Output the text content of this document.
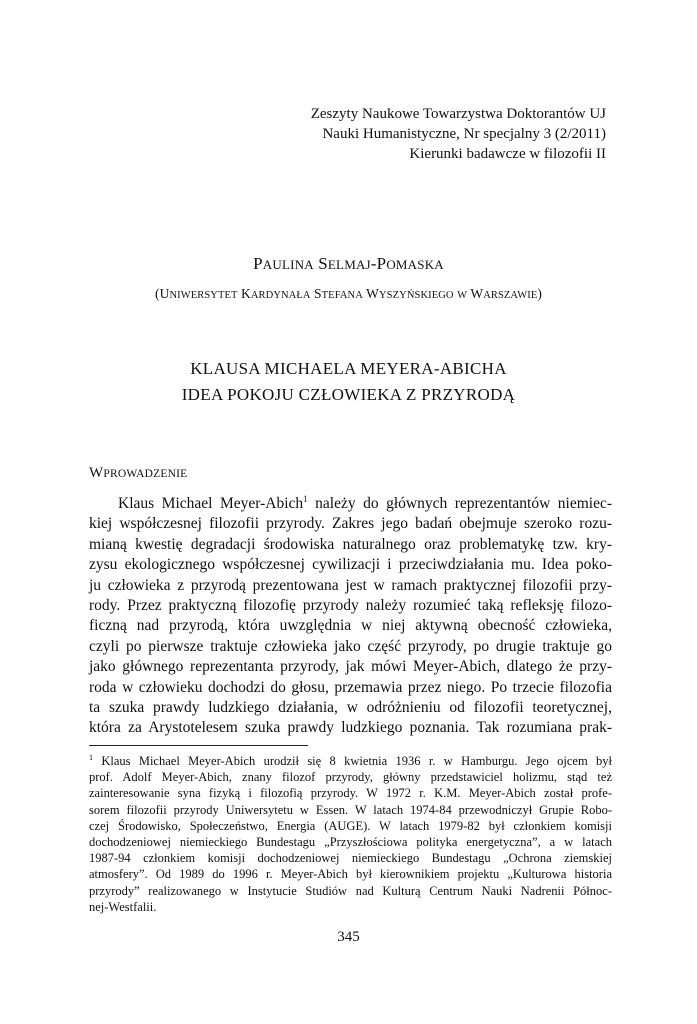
Zeszyty Naukowe Towarzystwa Doktorantów UJ
Nauki Humanistyczne, Nr specjalny 3 (2/2011)
Kierunki badawcze w filozofii II
PAULINA SELMAJ-POMASKA
(UNIWERSYTET KARDYNAŁA STEFANA WYSZYŃSKIEGO W WARSZAWIE)
KLAUSA MICHAELA MEYERA-ABICHA
IDEA POKOJU CZŁOWIEKA Z PRZYRODĄ
WPROWADZENIE
Klaus Michael Meyer-Abich$^1$ należy do głównych reprezentantów niemiec-
kiej współczesnej filozofii przyrody. Zakres jego badań obejmuje szeroko rozu-
mianą kwestię degradacji środowiska naturalnego oraz problematykę tzw. kry-
zysu ekologicznego współczesnej cywilizacji i przeciwdziałania mu. Idea poko-
ju człowieka z przyrodą prezentowana jest w ramach praktycznej filozofii przy-
rody. Przez praktyczną filozofię przyrody należy rozumieć taką refleksję filozo-
ficzną nad przyrodą, która uwzględnia w niej aktywną obecność człowieka,
czyli po pierwsze traktuje człowieka jako część przyrody, po drugie traktuje go
jako głównego reprezentanta przyrody, jak mówi Meyer-Abich, dlatego że przy-
roda w człowieku dochodzi do głosu, przemawia przez niego. Po trzecie filozofia
ta szuka prawdy ludzkiego działania, w odróżnieniu od filozofii teoretycznej,
która za Arystotelesem szuka prawdy ludzkiego poznania. Tak rozumiana prak-
$^1$ Klaus Michael Meyer-Abich urodził się 8 kwietnia 1936 r. w Hamburgu. Jego ojcem był
prof. Adolf Meyer-Abich, znany filozof przyrody, główny przedstawiciel holizmu, stąd też
zainteresowanie syna fizyką i filozofią przyrody. W 1972 r. K.M. Meyer-Abich został profe-
sorem filozofii przyrody Uniwersytetu w Essen. W latach 1974-84 przewodniczył Grupie Robo-
czej Środowisko, Społeczeństwo, Energia (AUGE). W latach 1979-82 był członkiem komisji
dochodzeniowej niemieckiego Bundestagu „Przyszłościowa polityka energetyczna”, a w latach
1987-94 członkiem komisji dochodzeniowej niemieckiego Bundestagu „Ochrona ziemskiej
atmosfery”. Od 1989 do 1996 r. Meyer-Abich był kierownikiem projektu „Kulturowa historia
przyrody” realizowanego w Instytucie Studiów nad Kulturą Centrum Nauki Nadrenii Północ-
nej-Westfalii.
345
